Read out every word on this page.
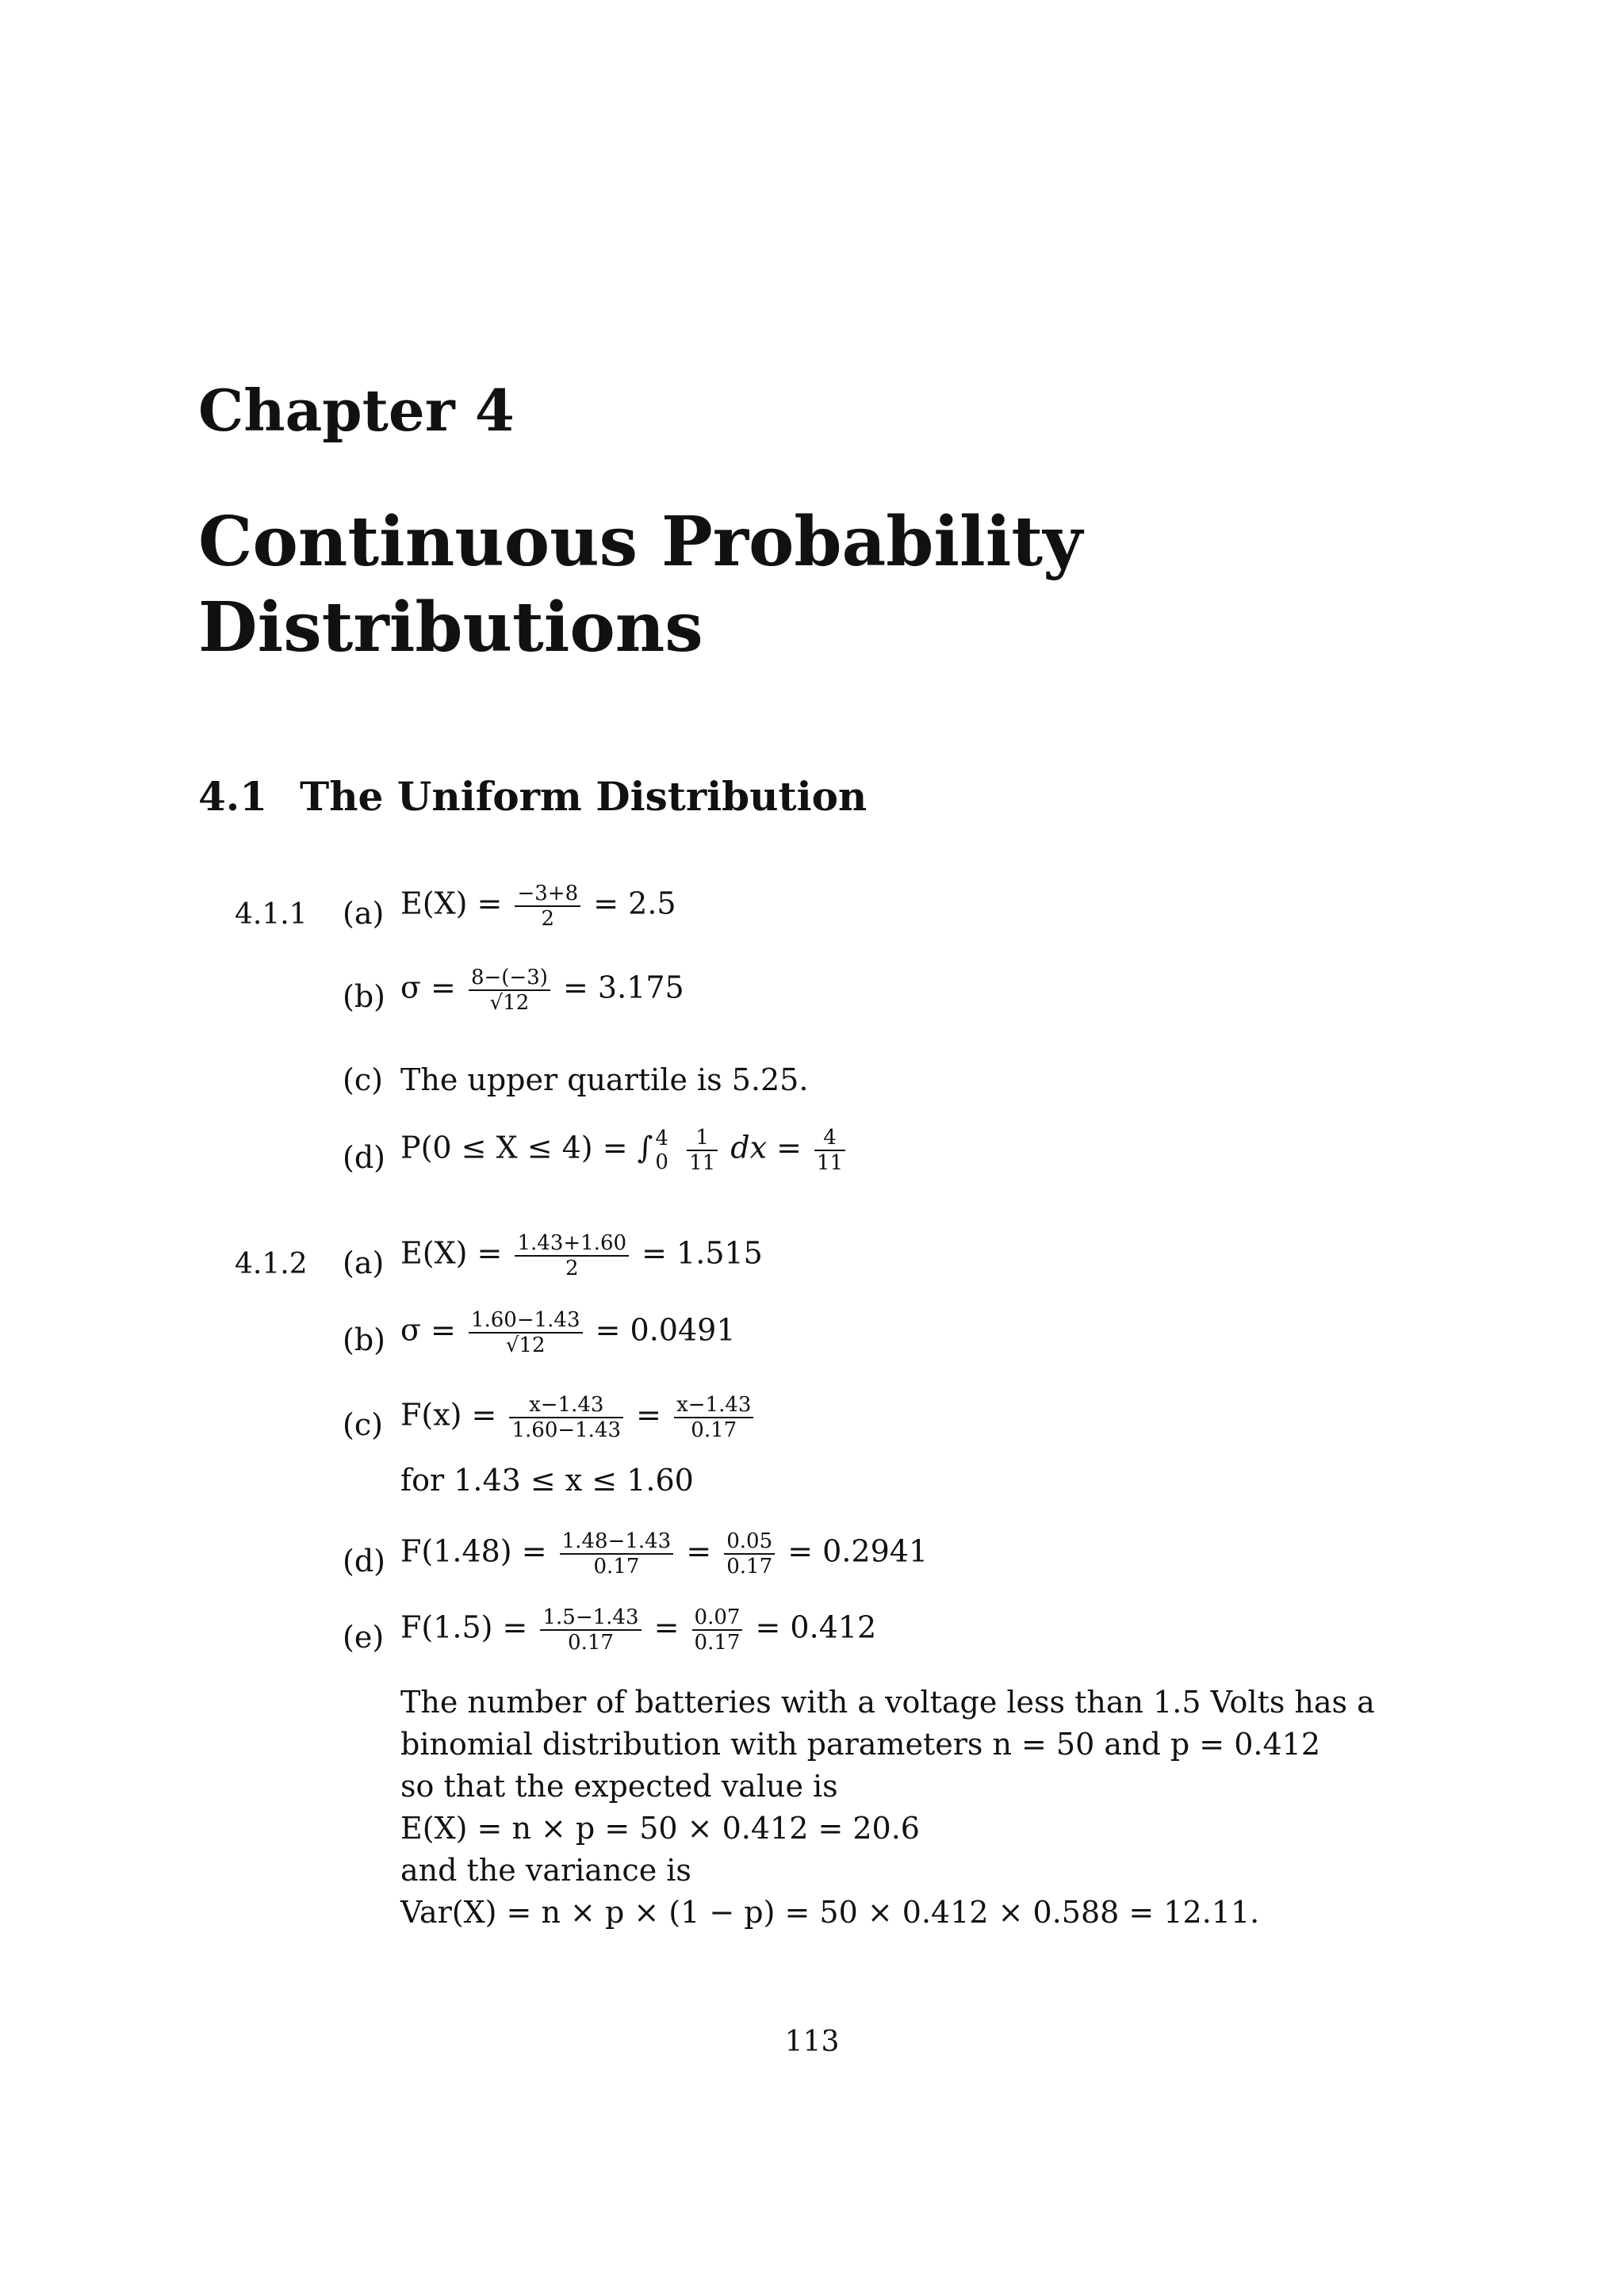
Chapter 4
Continuous Probability
Distributions
4.1 The Uniform Distribution
4.1.1 (a) $E(X) = \frac{-3+8}{2} = 2.5$
(b) $\sigma = \frac{8-(-3)}{√12} = 3.175$
(c) The upper quartile is 5.25.
(d) P(0 ≤ X ≤ 4) = ∫ 4
0
$\frac{1}{11}$ dx = $\frac{4}{11}$
4.1.2 (a) $E(X) = \frac{1.43+1.60}{2} = 1.515$
(b) $\sigma = \frac{1.60-1.43}{√12} = 0.0491$
(c) $F(x) = \frac{x-1.43}{1.60-1.43} = \frac{x-1.43}{0.17}$
for 1.43 ≤ x ≤ 1.60
(d) $F(1.48) = \frac{1.48-1.43}{0.17} = \frac{0.05}{0.17} = 0.2941$
(e) $F(1.5) = \frac{1.5-1.43}{0.17} = \frac{0.07}{0.17} = 0.412$
The number of batteries with a voltage less than 1.5 Volts has a
binomial distribution with parameters n = 50 and p = 0.412
so that the expected value is
E(X) = n × p = 50 × 0.412 = 20.6
and the variance is
Var(X) = n × p × (1 − p) = 50 × 0.412 × 0.588 = 12.11.
113
